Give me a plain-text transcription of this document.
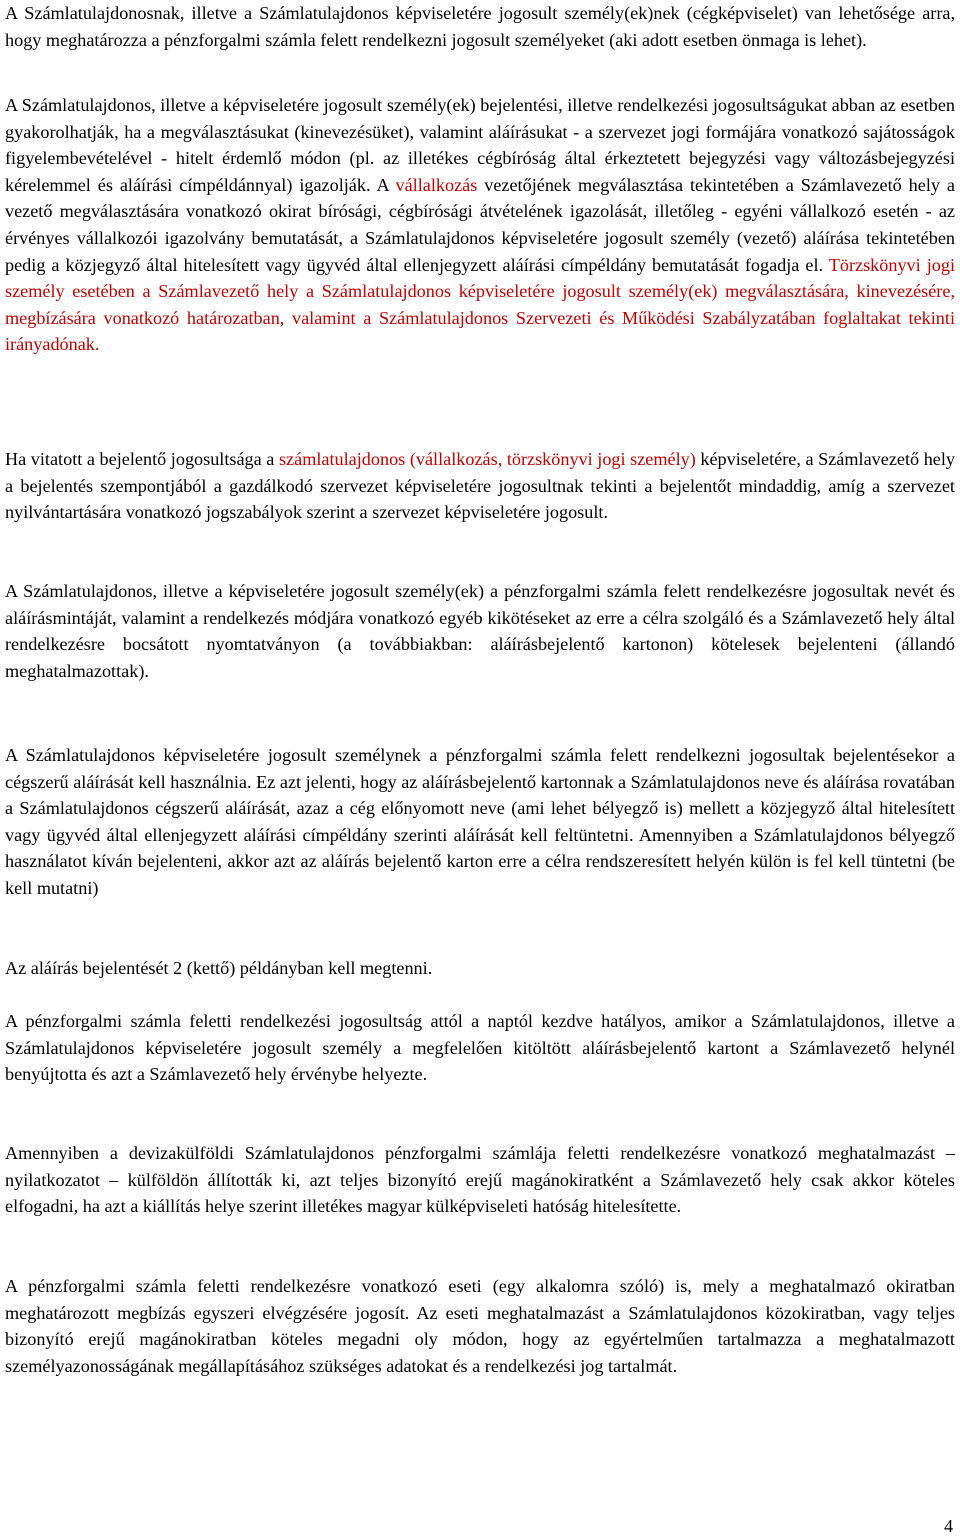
A Számlatulajdonosnak, illetve a Számlatulajdonos képviseletére jogosult személy(ek)nek (cégképviselet) van lehetősége arra, hogy meghatározza a pénzforgalmi számla felett rendelkezni jogosult személyeket (aki adott esetben önmaga is lehet).

A Számlatulajdonos, illetve a képviseletére jogosult személy(ek) bejelentési, illetve rendelkezési jogosultságukat abban az esetben gyakorolhatják, ha a megválasztásukat (kinevezésüket), valamint aláírásukat - a szervezet jogi formájára vonatkozó sajátosságok figyelembevételével - hitelt érdemlő módon (pl. az illetékes cégbíróság által érkeztetett bejegyzési vagy változásbejegyzési kérelemmel és aláírási címpéldánnyal) igazolják. A vállalkozás vezetőjének megválasztása tekintetében a Számlavezető hely a vezető megválasztására vonatkozó okirat bírósági, cégbírósági átvételének igazolását, illetőleg - egyéni vállalkozó esetén - az érvényes vállalkozói igazolvány bemutatását, a Számlatulajdonos képviseletére jogosult személy (vezető) aláírása tekintetében pedig a közjegyző által hitelesített vagy ügyvéd által ellenjegyzett aláírási címpéldány bemutatását fogadja el. Törzskönyvi jogi személy esetében a Számlavezető hely a Számlatulajdonos képviseletére jogosult személy(ek) megválasztására, kinevezésére, megbízására vonatkozó határozatban, valamint a Számlatulajdonos Szervezeti és Működési Szabályzatában foglaltakat tekinti irányadónak.

Ha vitatott a bejelentő jogosultsága a számlatulajdonos (vállalkozás, törzskönyvi jogi személy) képviseletére, a Számlavezető hely a bejelentés szempontjából a gazdálkodó szervezet képviseletére jogosultnak tekinti a bejelentőt mindaddig, amíg a szervezet nyilvántartására vonatkozó jogszabályok szerint a szervezet képviseletére jogosult.

A Számlatulajdonos, illetve a képviseletére jogosult személy(ek) a pénzforgalmi számla felett rendelkezésre jogosultak nevét és aláírásmintáját, valamint a rendelkezés módjára vonatkozó egyéb kikötéseket az erre a célra szolgáló és a Számlavezető hely által rendelkezésre bocsátott nyomtatványon (a továbbiakban: aláírásbejelentő kartonon) kötelesek bejelenteni (állandó meghatalmazottak).

A Számlatulajdonos képviseletére jogosult személynek a pénzforgalmi számla felett rendelkezni jogosultak bejelentésekor a cégszerű aláírását kell használnia. Ez azt jelenti, hogy az aláírásbejelentő kartonnak a Számlatulajdonos neve és aláírása rovatában a Számlatulajdonos cégszerű aláírását, azaz a cég előnyomott neve (ami lehet bélyegző is) mellett a közjegyző által hitelesített vagy ügyvéd által ellenjegyzett aláírási címpéldány szerinti aláírását kell feltüntetni. Amennyiben a Számlatulajdonos bélyegző használatot kíván bejelenteni, akkor azt az aláírás bejelentő karton erre a célra rendszeresített helyén külön is fel kell tüntetni (be kell mutatni)

Az aláírás bejelentését 2 (kettő) példányban kell megtenni.

A pénzforgalmi számla feletti rendelkezési jogosultság attól a naptól kezdve hatályos, amikor a Számlatulajdonos, illetve a Számlatulajdonos képviseletére jogosult személy a megfelelően kitöltött aláírásbejelentő kartont a Számlavezető helynél benyújtotta és azt a Számlavezető hely érvénybe helyezte.

Amennyiben a devizakülföldi Számlatulajdonos pénzforgalmi számlája feletti rendelkezésre vonatkozó meghatalmazást – nyilatkozatot – külföldön állították ki, azt teljes bizonyító erejű magánokiratként a Számlavezető hely csak akkor köteles elfogadni, ha azt a kiállítás helye szerint illetékes magyar külképviseleti hatóság hitelesítette.

A pénzforgalmi számla feletti rendelkezésre vonatkozó eseti (egy alkalomra szóló) is, mely a meghatalmazó okiratban meghatározott megbízás egyszeri elvégzésére jogosít. Az eseti meghatalmazást a Számlatulajdonos közokiratban, vagy teljes bizonyító erejű magánokiratban köteles megadni oly módon, hogy az egyértelműen tartalmazza a meghatalmazott személyazonosságának megállapításához szükséges adatokat és a rendelkezési jog tartalmát.

4
